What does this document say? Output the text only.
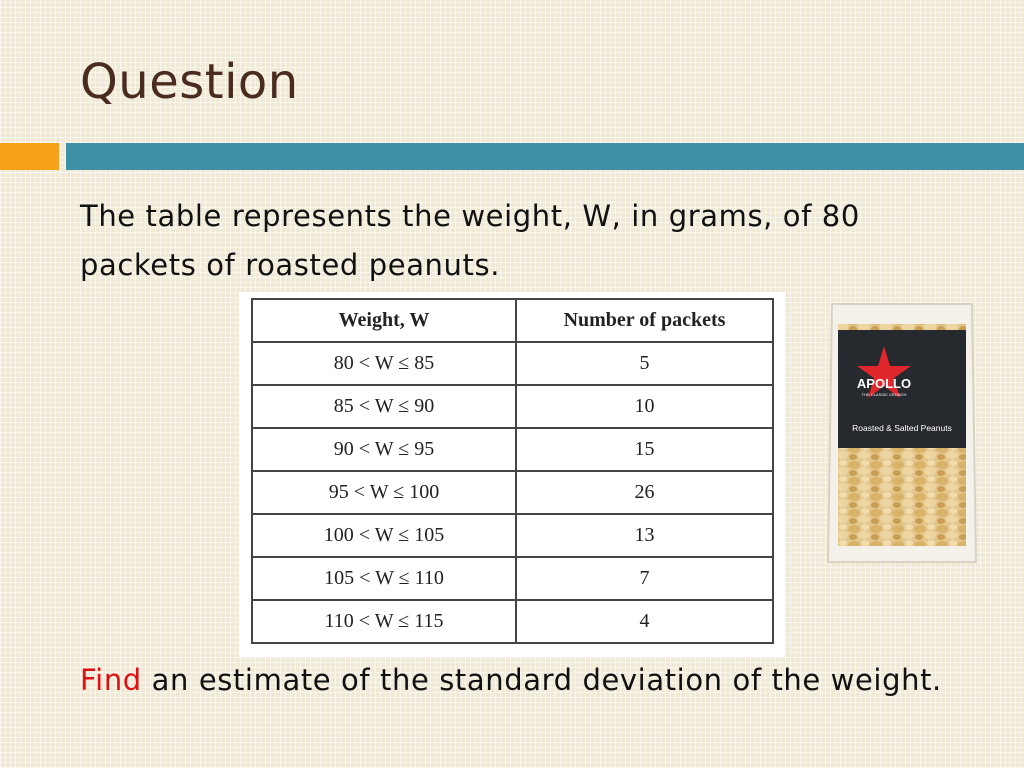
Question
The table represents the weight, W, in grams, of 80 packets of roasted peanuts.
Weight, W	Number of packets
80 < W ≤ 85	5
85 < W ≤ 90	10
90 < W ≤ 95	15
95 < W ≤ 100	26
100 < W ≤ 105	13
105 < W ≤ 110	7
110 < W ≤ 115	4
APOLLO
THE CLASSIC CRUNCH
Roasted & Salted Peanuts
Find an estimate of the standard deviation of the weight.
